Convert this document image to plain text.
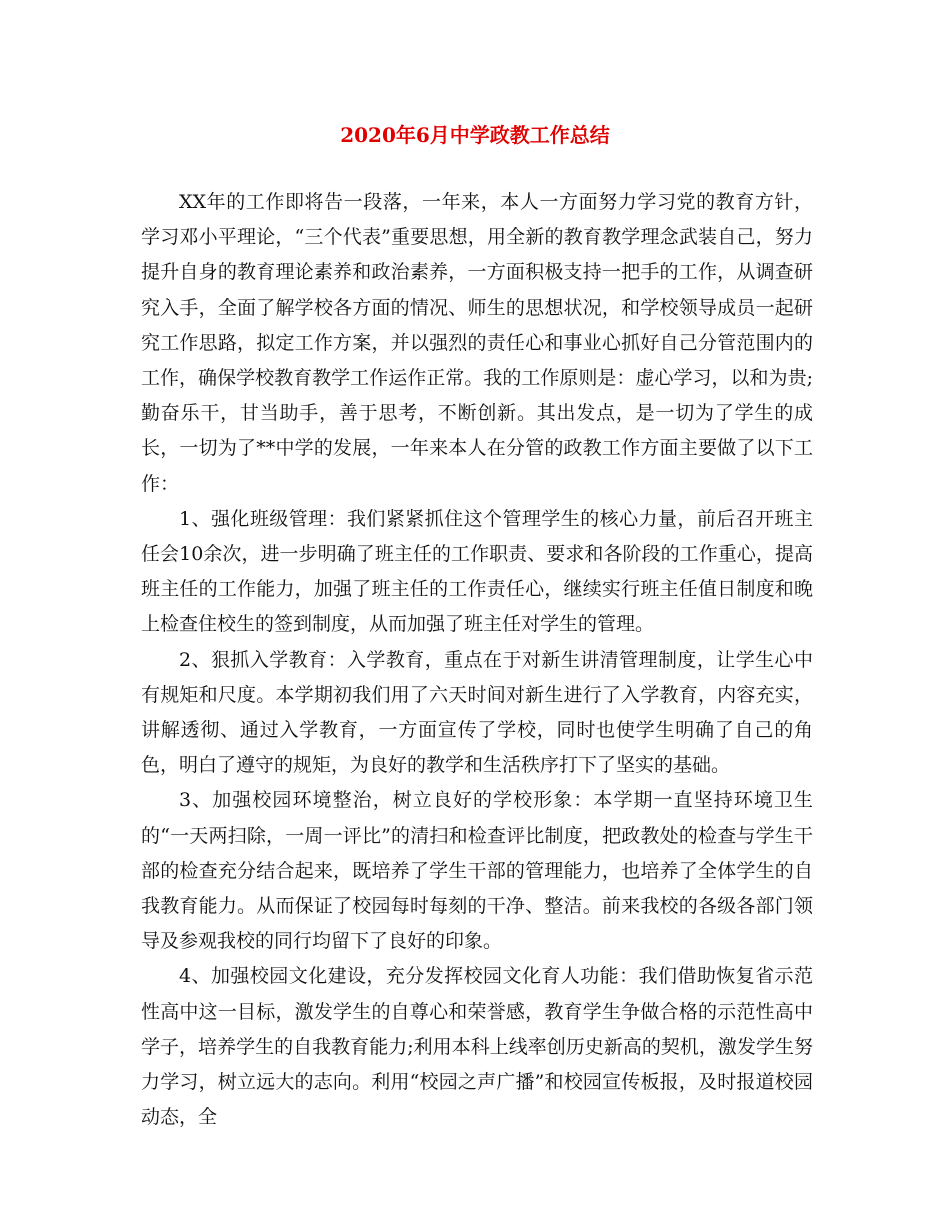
2020年6月中学政教工作总结

XX年的工作即将告一段落，一年来，本人一方面努力学习党的教育方针，学习邓小平理论，“三个代表”重要思想，用全新的教育教学理念武装自己，努力提升自身的教育理论素养和政治素养，一方面积极支持一把手的工作，从调查研究入手，全面了解学校各方面的情况、师生的思想状况，和学校领导成员一起研究工作思路，拟定工作方案，并以强烈的责任心和事业心抓好自己分管范围内的工作，确保学校教育教学工作运作正常。我的工作原则是：虚心学习，以和为贵;勤奋乐干，甘当助手，善于思考，不断创新。其出发点，是一切为了学生的成长，一切为了**中学的发展，一年来本人在分管的政教工作方面主要做了以下工作：

1、强化班级管理：我们紧紧抓住这个管理学生的核心力量，前后召开班主任会10余次，进一步明确了班主任的工作职责、要求和各阶段的工作重心，提高班主任的工作能力，加强了班主任的工作责任心，继续实行班主任值日制度和晚上检查住校生的签到制度，从而加强了班主任对学生的管理。

2、狠抓入学教育：入学教育，重点在于对新生讲清管理制度，让学生心中有规矩和尺度。本学期初我们用了六天时间对新生进行了入学教育，内容充实，讲解透彻、通过入学教育，一方面宣传了学校，同时也使学生明确了自己的角色，明白了遵守的规矩，为良好的教学和生活秩序打下了坚实的基础。

3、加强校园环境整治，树立良好的学校形象：本学期一直坚持环境卫生的“一天两扫除，一周一评比”的清扫和检查评比制度，把政教处的检查与学生干部的检查充分结合起来，既培养了学生干部的管理能力，也培养了全体学生的自我教育能力。从而保证了校园每时每刻的干净、整洁。前来我校的各级各部门领导及参观我校的同行均留下了良好的印象。

4、加强校园文化建设，充分发挥校园文化育人功能：我们借助恢复省示范性高中这一目标，激发学生的自尊心和荣誉感，教育学生争做合格的示范性高中学子，培养学生的自我教育能力;利用本科上线率创历史新高的契机，激发学生努力学习，树立远大的志向。利用“校园之声广播”和校园宣传板报，及时报道校园动态，全
